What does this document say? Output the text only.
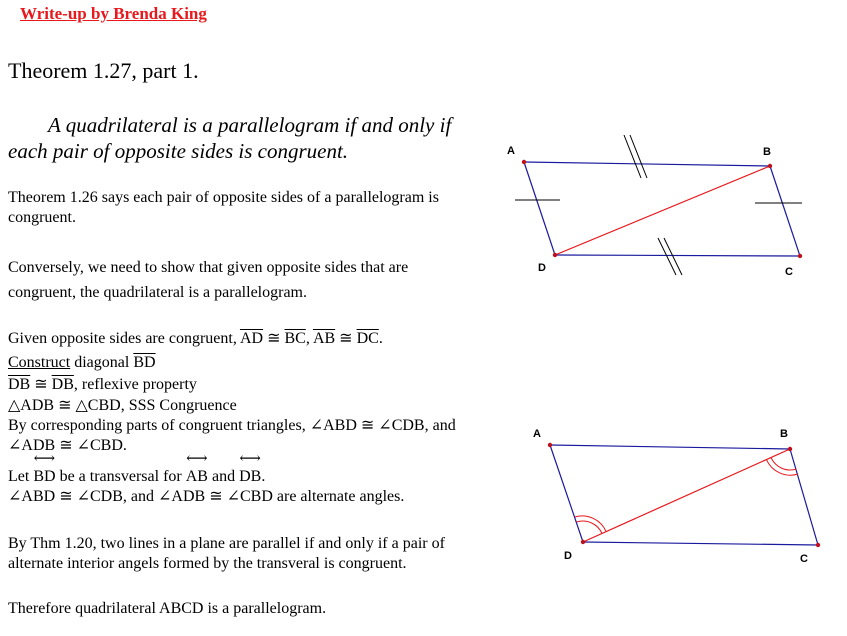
Write-up by Brenda King
Theorem 1.27, part 1.
A quadrilateral is a parallelogram if and only if
each pair of opposite sides is congruent.
Theorem 1.26 says each pair of opposite sides of a parallelogram is
congruent.
Conversely, we need to show that given opposite sides that are
congruent, the quadrilateral is a parallelogram.
Given opposite sides are congruent, $\overline{AD}$ ≅ $\overline{BC}$, $\overline{AB}$ ≅ $\overline{DC}$.
Construct diagonal $\overline{BD}$
$\overline{DB}$ ≅ $\overline{DB}$, reflexive property
△ADB ≅ △CBD, SSS Congruence
By corresponding parts of congruent triangles, ∠ABD ≅ ∠CDB, and
∠ADB ≅ ∠CBD.
Let ⟷ BD be a transversal for ⟷ AB and ⟷ DB.
∠ABD ≅ ∠CDB, and ∠ADB ≅ ∠CBD are alternate angles.
By Thm 1.20, two lines in a plane are parallel if and only if a pair of
alternate interior angels formed by the transveral is congruent.
Therefore quadrilateral ABCD is a parallelogram.
A	B
C
D
A	B
C
D
